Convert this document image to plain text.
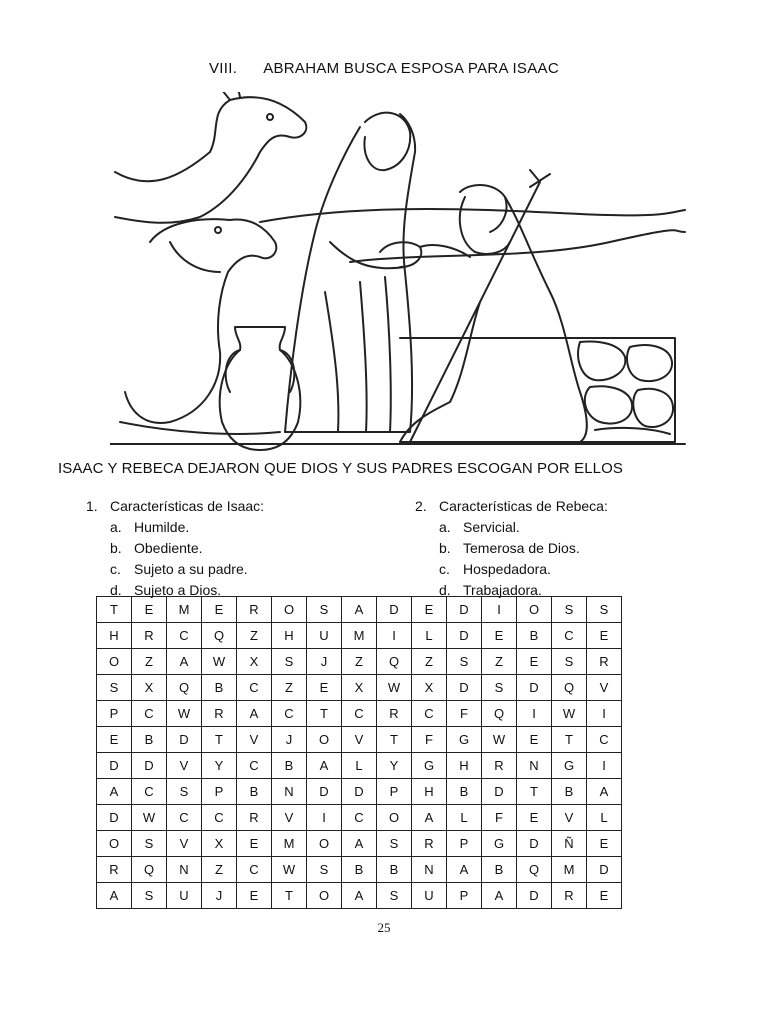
VIII. ABRAHAM BUSCA ESPOSA PARA ISAAC
ISAAC Y REBECA DEJARON QUE DIOS Y SUS PADRES ESCOGAN POR ELLOS
1. Características de Isaac:
a. Humilde.
b. Obediente.
c. Sujeto a su padre.
d. Sujeto a Dios.
2. Características de Rebeca:
a. Servicial.
b. Temerosa de Dios.
c. Hospedadora.
d. Trabajadora.
T	E	M	E	R	O	S	A	D	E	D	I	O	S	S
H	R	C	Q	Z	H	U	M	I	L	D	E	B	C	E
O	Z	A	W	X	S	J	Z	Q	Z	S	Z	E	S	R
S	X	Q	B	C	Z	E	X	W	X	D	S	D	Q	V
P	C	W	R	A	C	T	C	R	C	F	Q	I	W	I
E	B	D	T	V	J	O	V	T	F	G	W	E	T	C
D	D	V	Y	C	B	A	L	Y	G	H	R	N	G	I
A	C	S	P	B	N	D	D	P	H	B	D	T	B	A
D	W	C	C	R	V	I	C	O	A	L	F	E	V	L
O	S	V	X	E	M	O	A	S	R	P	G	D	Ñ	E
R	Q	N	Z	C	W	S	B	B	N	A	B	Q	M	D
A	S	U	J	E	T	O	A	S	U	P	A	D	R	E
25
